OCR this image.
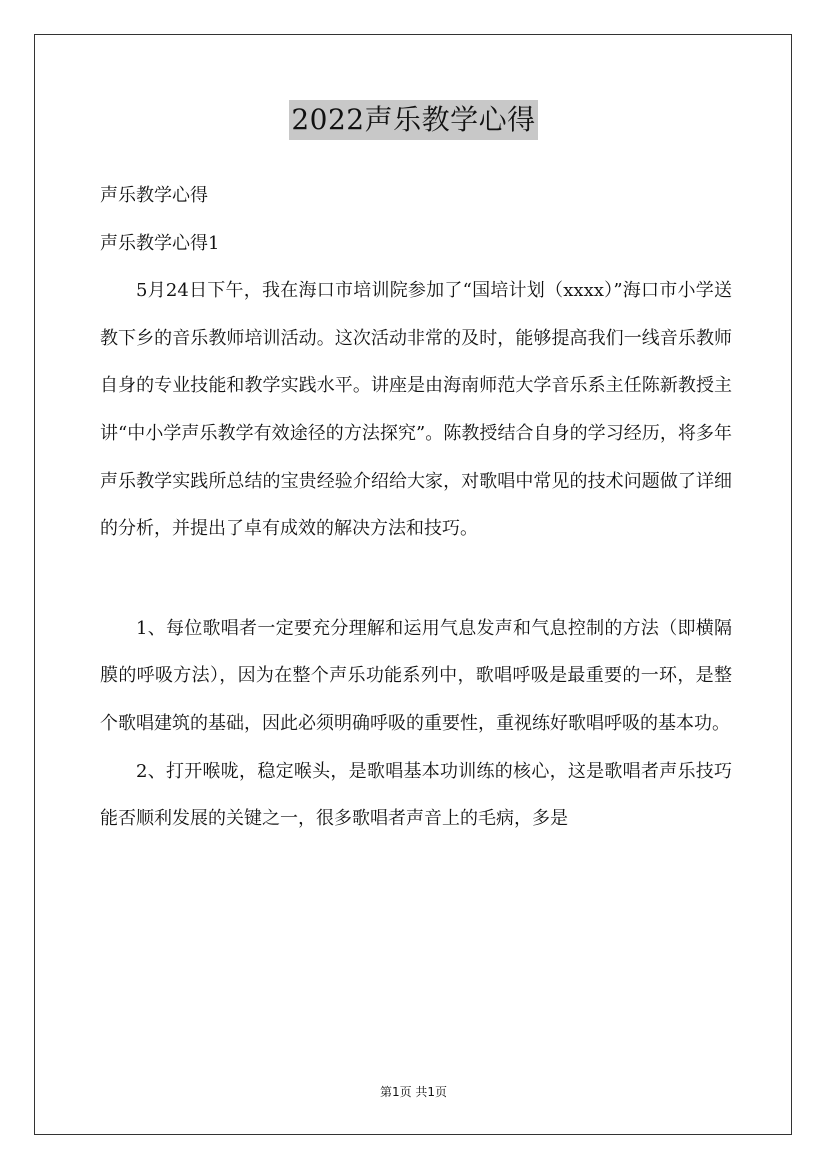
2022声乐教学心得

声乐教学心得

声乐教学心得1

5月24日下午，我在海口市培训院参加了“国培计划（xxxx）”海口市小学送教下乡的音乐教师培训活动。这次活动非常的及时，能够提高我们一线音乐教师自身的专业技能和教学实践水平。讲座是由海南师范大学音乐系主任陈新教授主讲“中小学声乐教学有效途径的方法探究”。陈教授结合自身的学习经历，将多年声乐教学实践所总结的宝贵经验介绍给大家，对歌唱中常见的技术问题做了详细的分析，并提出了卓有成效的解决方法和技巧。

1、每位歌唱者一定要充分理解和运用气息发声和气息控制的方法（即横隔膜的呼吸方法），因为在整个声乐功能系列中，歌唱呼吸是最重要的一环，是整个歌唱建筑的基础，因此必须明确呼吸的重要性，重视练好歌唱呼吸的基本功。

2、打开喉咙，稳定喉头，是歌唱基本功训练的核心，这是歌唱者声乐技巧能否顺利发展的关键之一，很多歌唱者声音上的毛病，多是

第1页 共1页
